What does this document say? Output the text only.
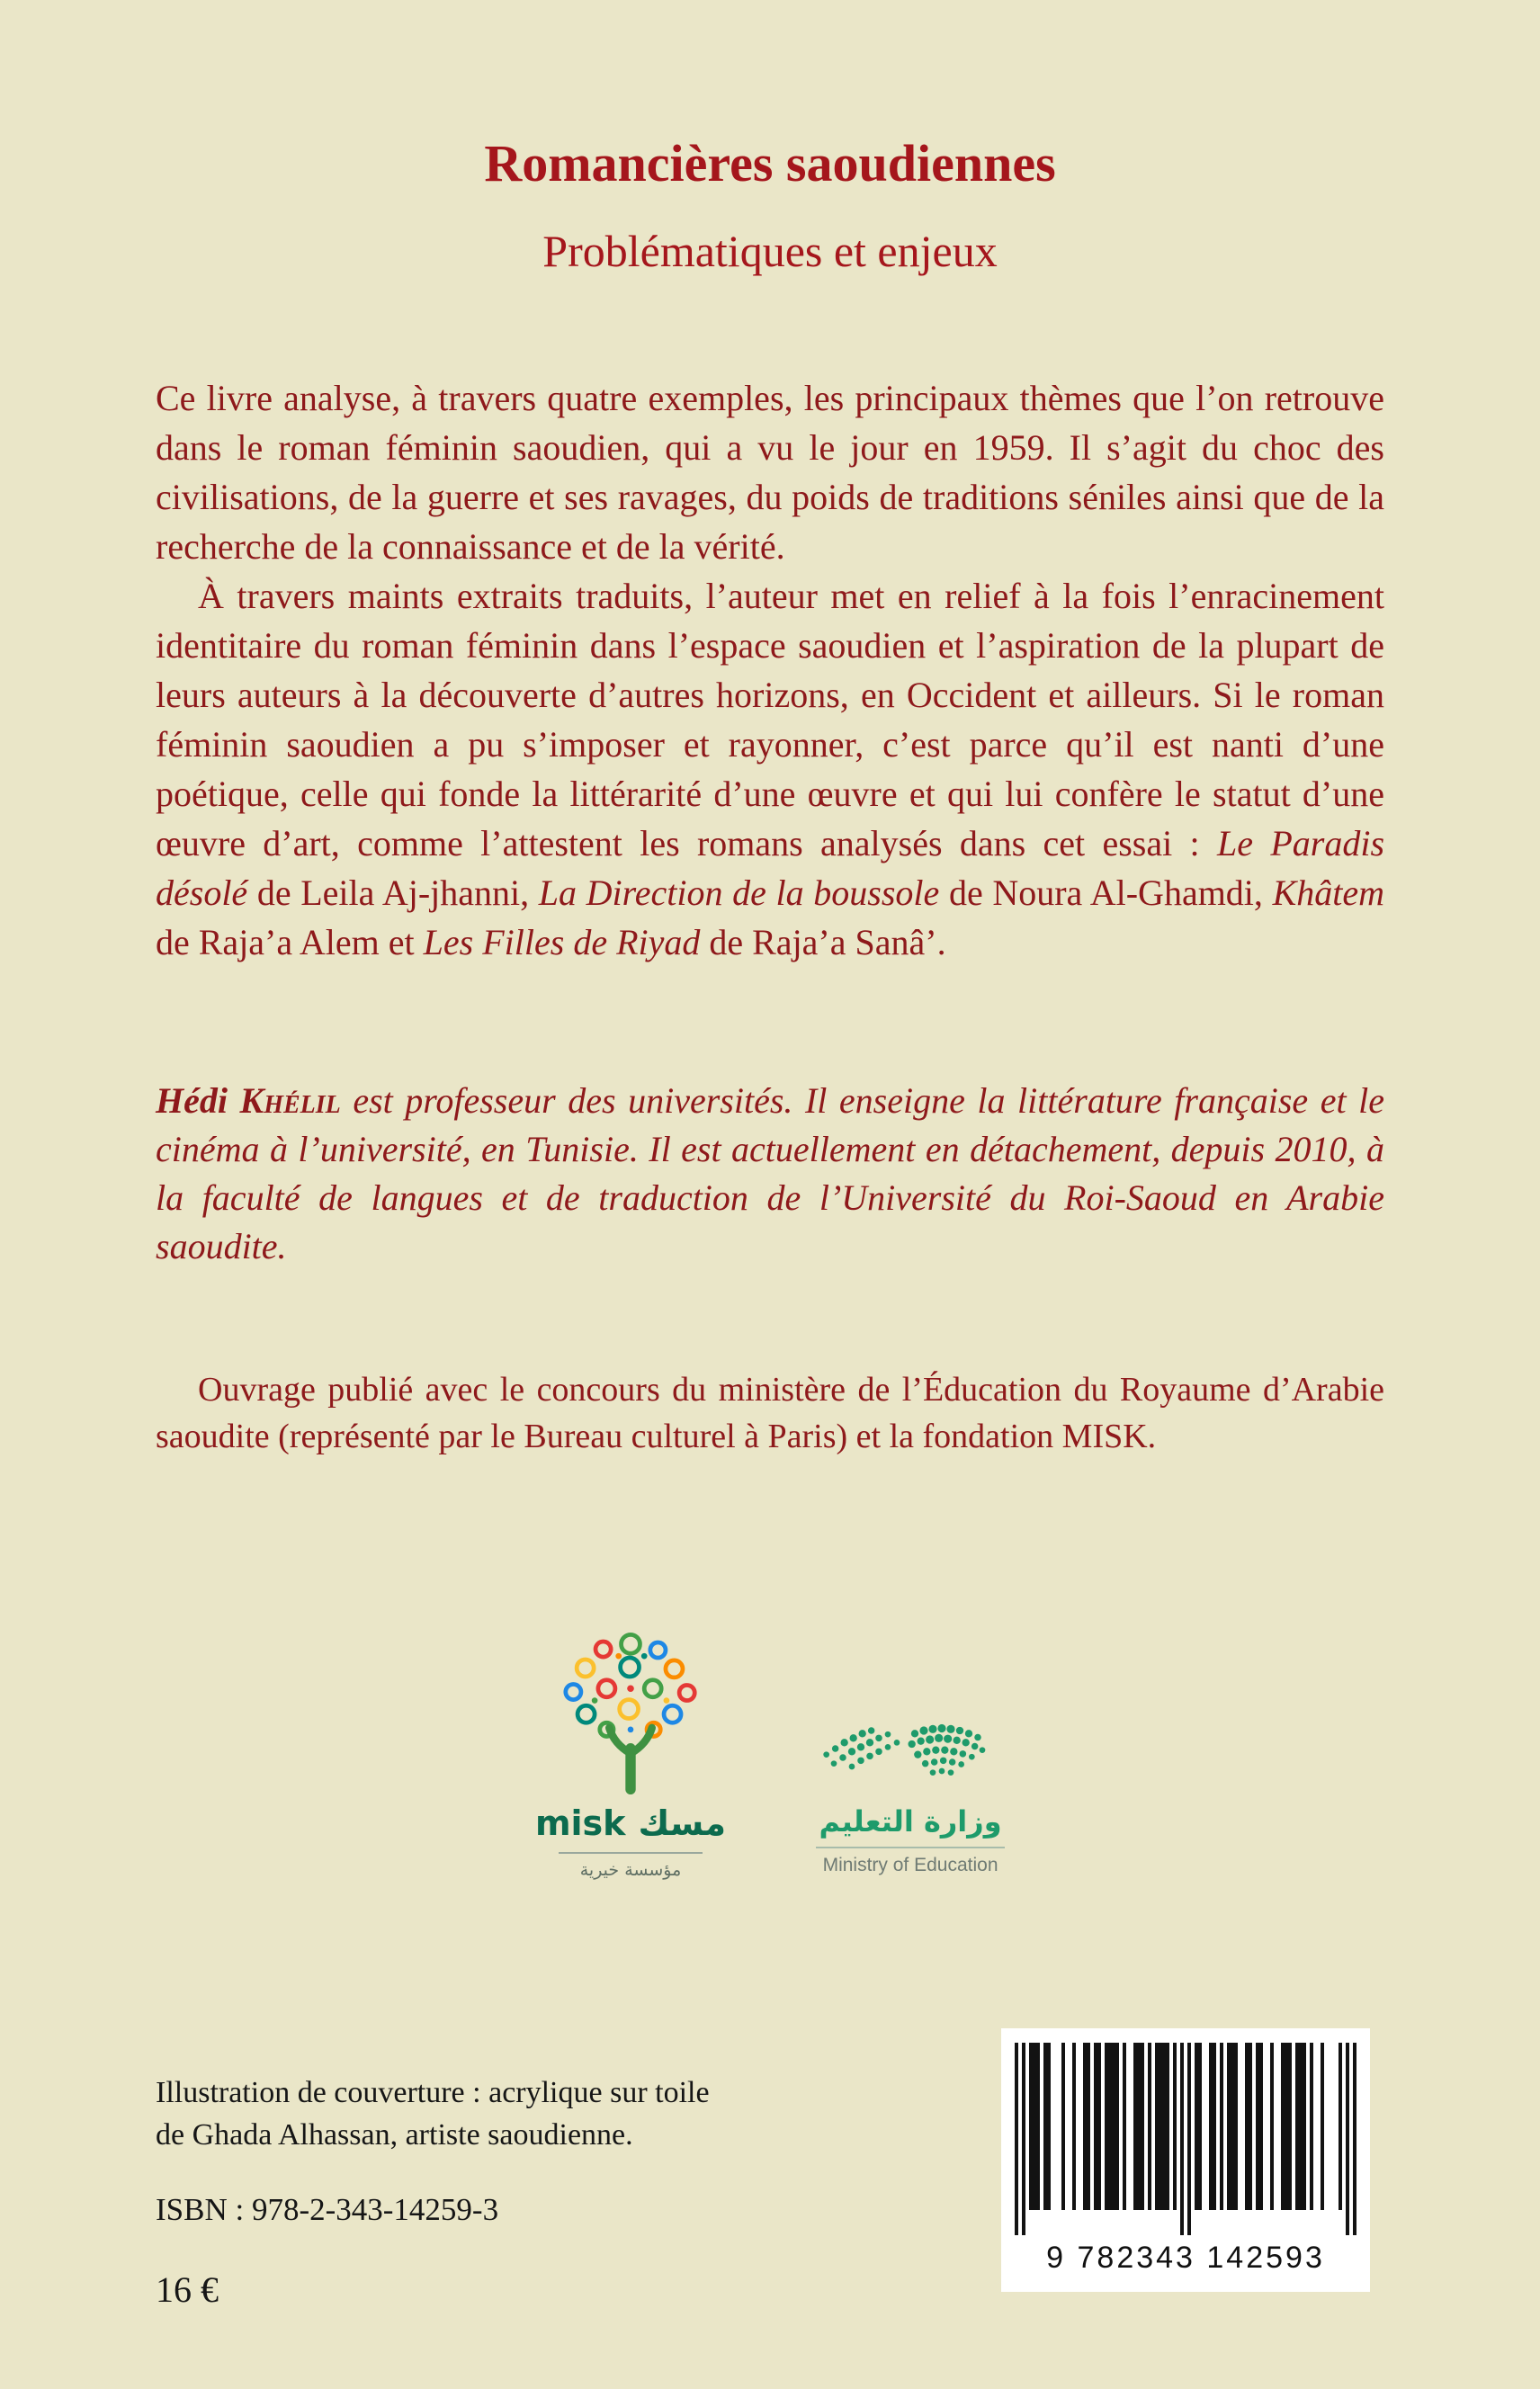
Romancières saoudiennes
Problématiques et enjeux

Ce livre analyse, à travers quatre exemples, les principaux thèmes que l’on retrouve dans le roman féminin saoudien, qui a vu le jour en 1959. Il s’agit du choc des civilisations, de la guerre et ses ravages, du poids de traditions séniles ainsi que de la recherche de la connaissance et de la vérité.

À travers maints extraits traduits, l’auteur met en relief à la fois l’enracinement identitaire du roman féminin dans l’espace saoudien et l’aspiration de la plupart de leurs auteurs à la découverte d’autres horizons, en Occident et ailleurs. Si le roman féminin saoudien a pu s’imposer et rayonner, c’est parce qu’il est nanti d’une poétique, celle qui fonde la littérarité d’une œuvre et qui lui confère le statut d’une œuvre d’art, comme l’attestent les romans analysés dans cet essai : Le Paradis désolé de Leila Aj-jhanni, La Direction de la boussole de Noura Al-Ghamdi, Khâtem de Raja’a Alem et Les Filles de Riyad de Raja’a Sanâ’.

Hédi Khélil est professeur des universités. Il enseigne la littérature française et le cinéma à l’université, en Tunisie. Il est actuellement en détachement, depuis 2010, à la faculté de langues et de traduction de l’Université du Roi-Saoud en Arabie saoudite.
Ouvrage publié avec le concours du ministère de l’Éducation du Royaume d’Arabie saoudite (représenté par le Bureau culturel à Paris) et la fondation MISK.
misk مسك
مؤسسة خيرية
وزارة التعليم
Ministry of Education
Illustration de couverture : acrylique sur toile
de Ghada Alhassan, artiste saoudienne.
ISBN : 978-2-343-14259-3
16 €
9 782343 142593
